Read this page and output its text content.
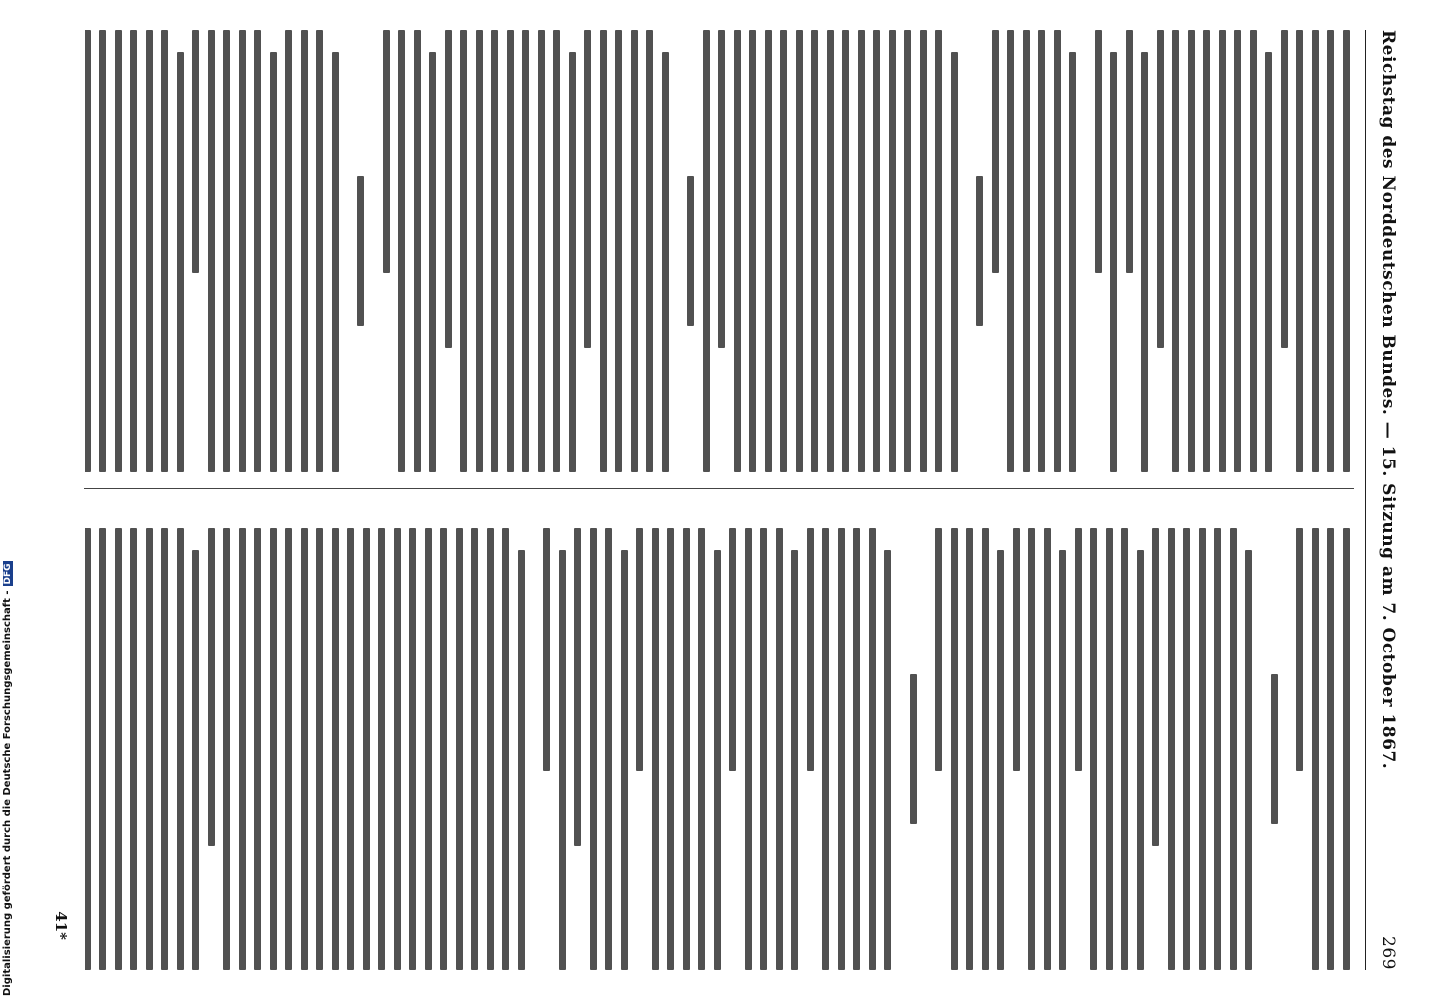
Reichstag des Norddeutschen Bundes. — 15. Sitzung am 7. October 1867.
269
41*
Digitalisierung gefördert durch die Deutsche Forschungsgemeinschaft -DFG
